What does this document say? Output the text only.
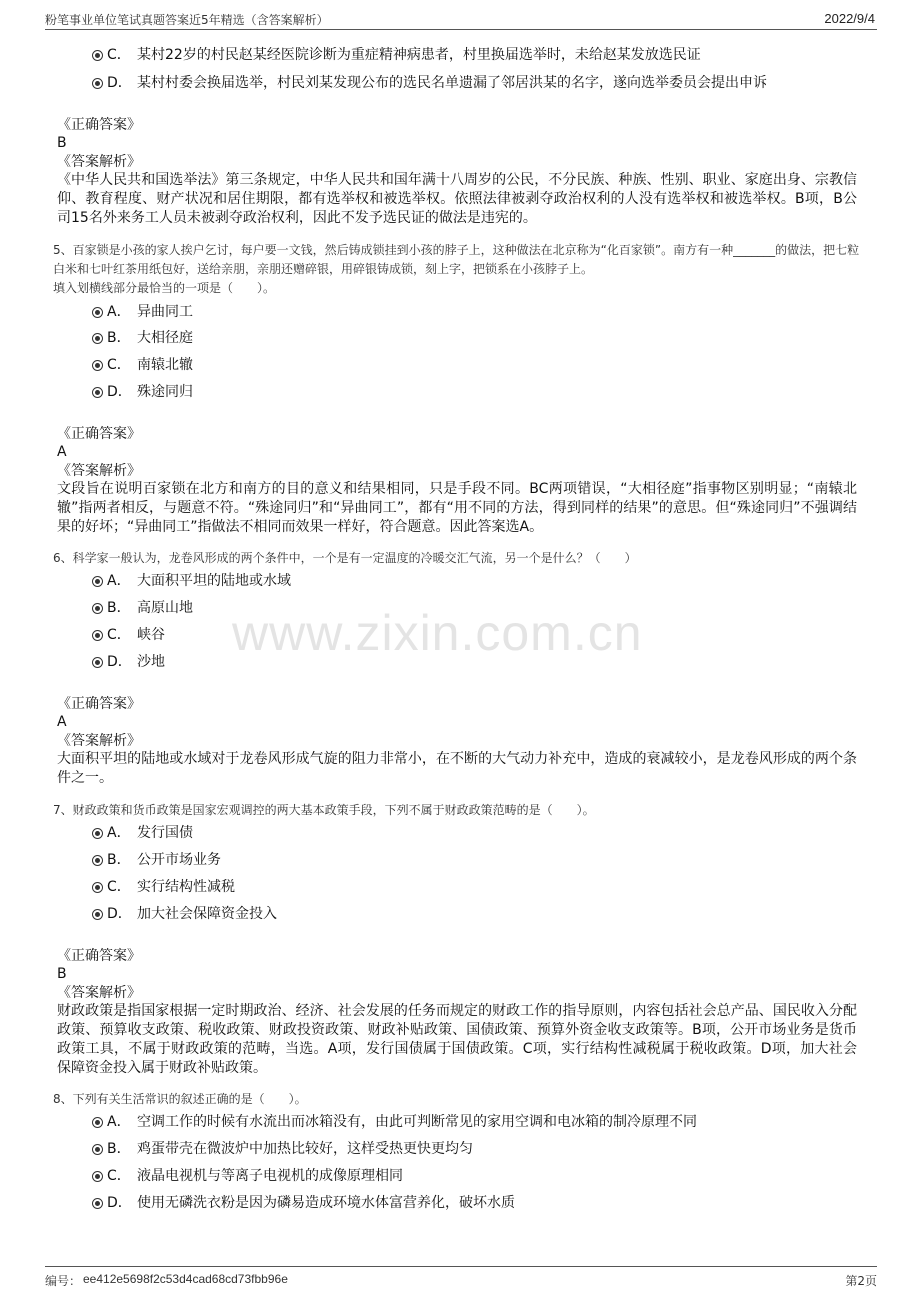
粉笔事业单位笔试真题答案近5年精选（含答案解析）	2022/9/4
www.zixin.com.cn
C． 某村22岁的村民赵某经医院诊断为重症精神病患者，村里换届选举时，未给赵某发放选民证
D． 某村村委会换届选举，村民刘某发现公布的选民名单遗漏了邻居洪某的名字，遂向选举委员会提出申诉
《正确答案》
B
《答案解析》
《中华人民共和国选举法》第三条规定，中华人民共和国年满十八周岁的公民，不分民族、种族、性别、职业、家庭出身、宗教信仰、教育程度、财产状况和居住期限，都有选举权和被选举权。依照法律被剥夺政治权利的人没有选举权和被选举权。B项，B公司15名外来务工人员未被剥夺政治权利，因此不发予选民证的做法是违宪的。
5、百家锁是小孩的家人挨户乞讨，每户要一文钱，然后铸成锁挂到小孩的脖子上，这种做法在北京称为“化百家锁”。南方有一种_______的做法，把七粒白米和七叶红茶用纸包好，送给亲朋，亲朋还赠碎银，用碎银铸成锁，刻上字，把锁系在小孩脖子上。
填入划横线部分最恰当的一项是（　　）。
A． 异曲同工
B． 大相径庭
C． 南辕北辙
D． 殊途同归
《正确答案》
A
《答案解析》
文段旨在说明百家锁在北方和南方的目的意义和结果相同，只是手段不同。BC两项错误，“大相径庭”指事物区别明显；“南辕北辙”指两者相反，与题意不符。“殊途同归”和“异曲同工”，都有“用不同的方法，得到同样的结果”的意思。但“殊途同归”不强调结果的好坏；“异曲同工”指做法不相同而效果一样好，符合题意。因此答案选A。
6、科学家一般认为，龙卷风形成的两个条件中，一个是有一定温度的冷暖交汇气流，另一个是什么？（　　）
A． 大面积平坦的陆地或水域
B． 高原山地
C． 峡谷
D． 沙地
《正确答案》
A
《答案解析》
大面积平坦的陆地或水域对于龙卷风形成气旋的阻力非常小，在不断的大气动力补充中，造成的衰减较小，是龙卷风形成的两个条件之一。
7、财政政策和货币政策是国家宏观调控的两大基本政策手段，下列不属于财政政策范畴的是（　　）。
A． 发行国债
B． 公开市场业务
C． 实行结构性减税
D． 加大社会保障资金投入
《正确答案》
B
《答案解析》
财政政策是指国家根据一定时期政治、经济、社会发展的任务而规定的财政工作的指导原则，内容包括社会总产品、国民收入分配政策、预算收支政策、税收政策、财政投资政策、财政补贴政策、国债政策、预算外资金收支政策等。B项，公开市场业务是货币政策工具，不属于财政政策的范畴，当选。A项，发行国债属于国债政策。C项，实行结构性减税属于税收政策。D项，加大社会保障资金投入属于财政补贴政策。
8、下列有关生活常识的叙述正确的是（　　）。
A． 空调工作的时候有水流出而冰箱没有，由此可判断常见的家用空调和电冰箱的制冷原理不同
B． 鸡蛋带壳在微波炉中加热比较好，这样受热更快更均匀
C． 液晶电视机与等离子电视机的成像原理相同
D． 使用无磷洗衣粉是因为磷易造成环境水体富营养化，破坏水质
编号： ee412e5698f2c53d4cad68cd73fbb96e	第2页
